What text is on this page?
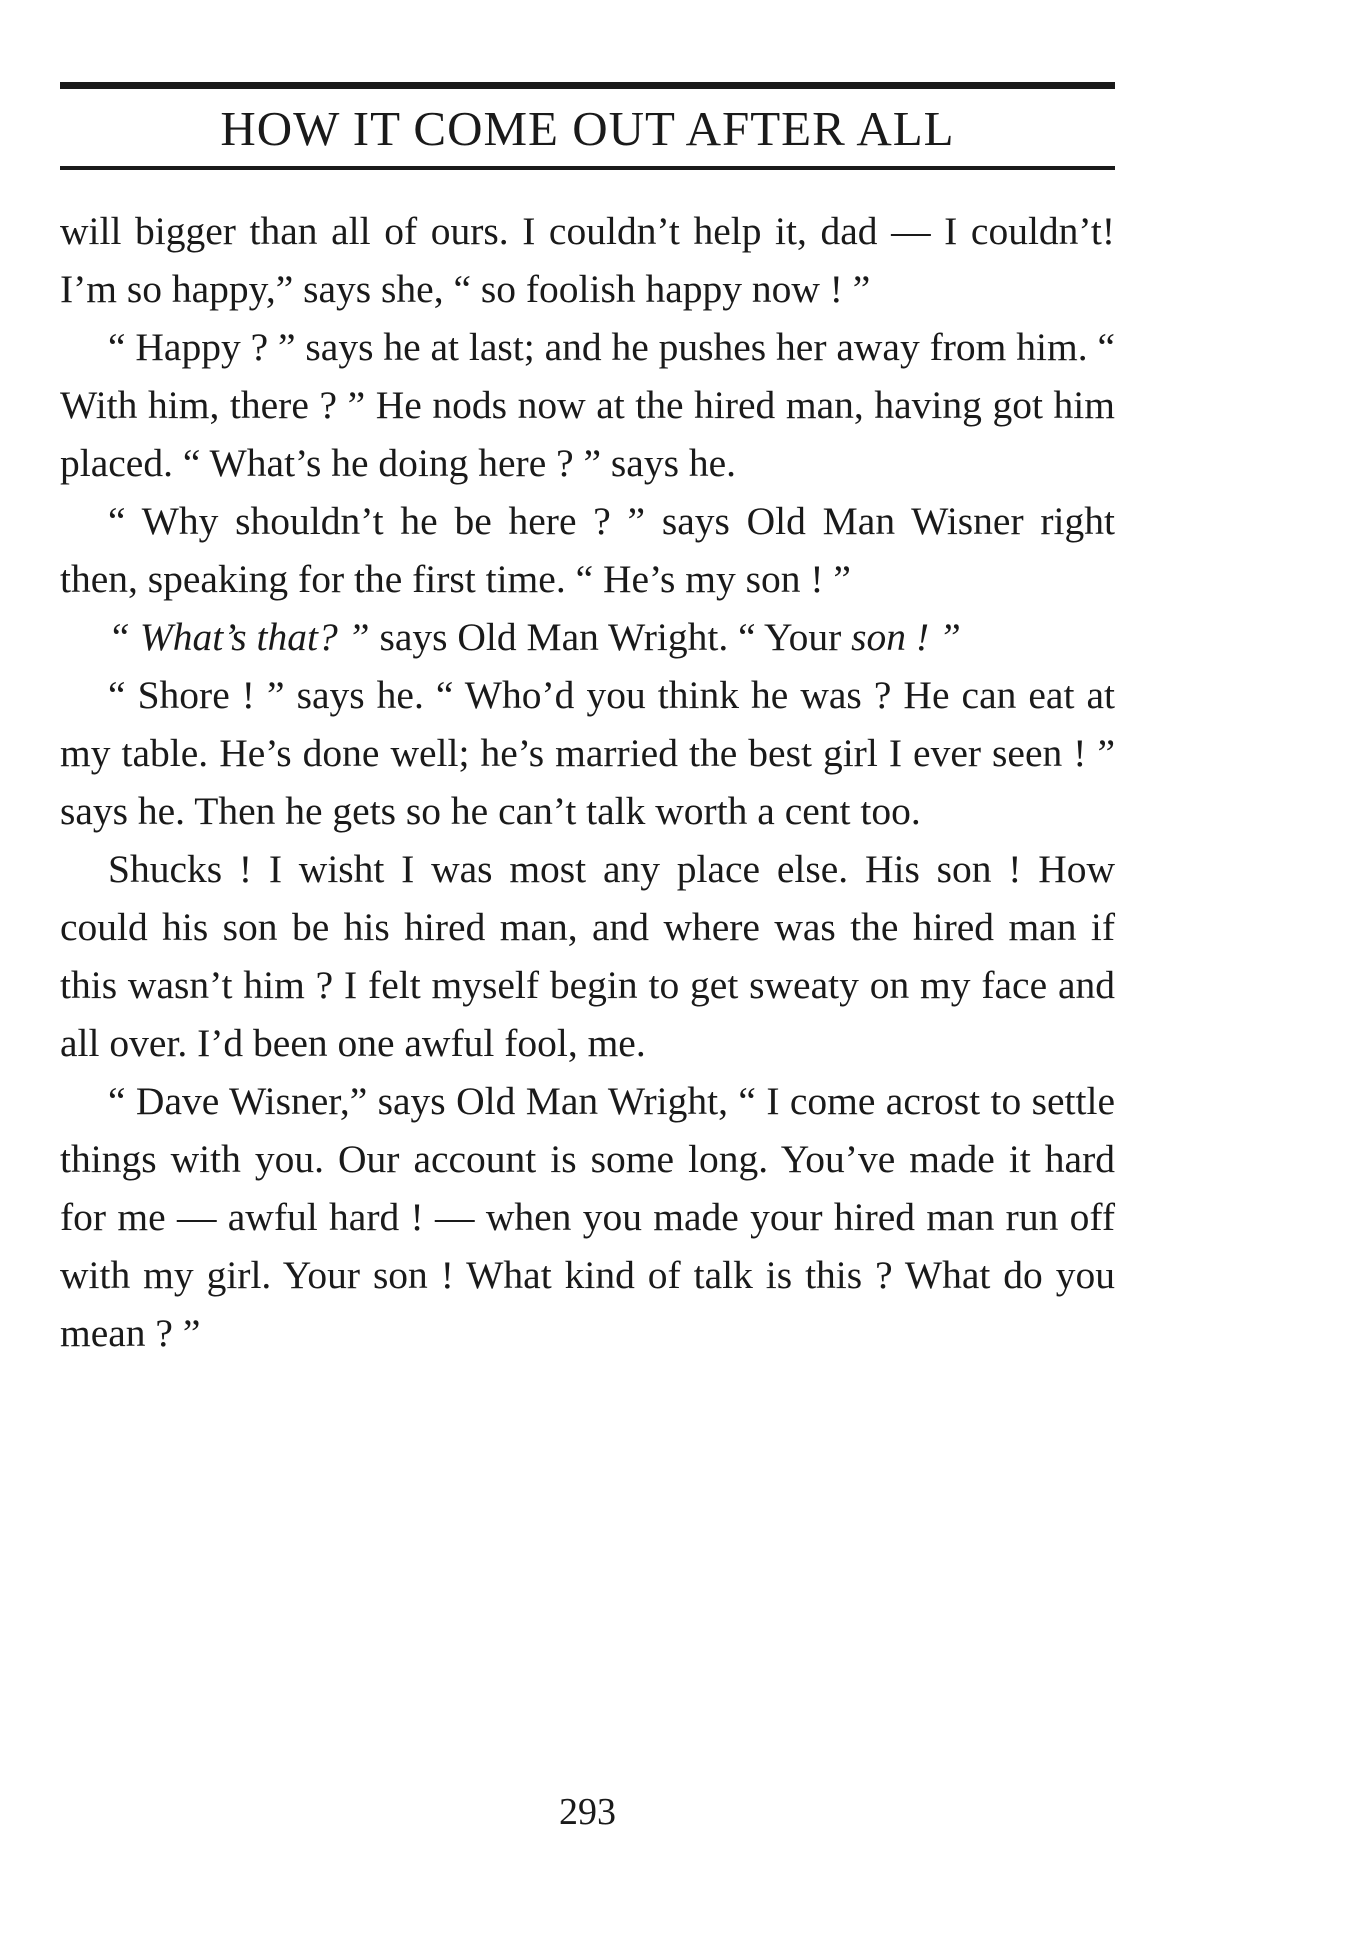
HOW IT COME OUT AFTER ALL

will bigger than all of ours. I couldn’t help it, dad — I couldn’t! I’m so happy,” says she, “ so foolish happy now ! ”

“ Happy ? ” says he at last; and he pushes her away from him. “ With him, there ? ” He nods now at the hired man, having got him placed. “ What’s he doing here ? ” says he.

“ Why shouldn’t he be here ? ” says Old Man Wisner right then, speaking for the first time. “ He’s my son ! ”

“ What’s that? ” says Old Man Wright. “ Your son ! ”

“ Shore ! ” says he. “ Who’d you think he was ? He can eat at my table. He’s done well; he’s married the best girl I ever seen ! ” says he. Then he gets so he can’t talk worth a cent too.

Shucks ! I wisht I was most any place else. His son ! How could his son be his hired man, and where was the hired man if this wasn’t him ? I felt myself begin to get sweaty on my face and all over. I’d been one awful fool, me.

“ Dave Wisner,” says Old Man Wright, “ I come acrost to settle things with you. Our account is some long. You’ve made it hard for me — awful hard ! — when you made your hired man run off with my girl. Your son ! What kind of talk is this ? What do you mean ? ”

293
